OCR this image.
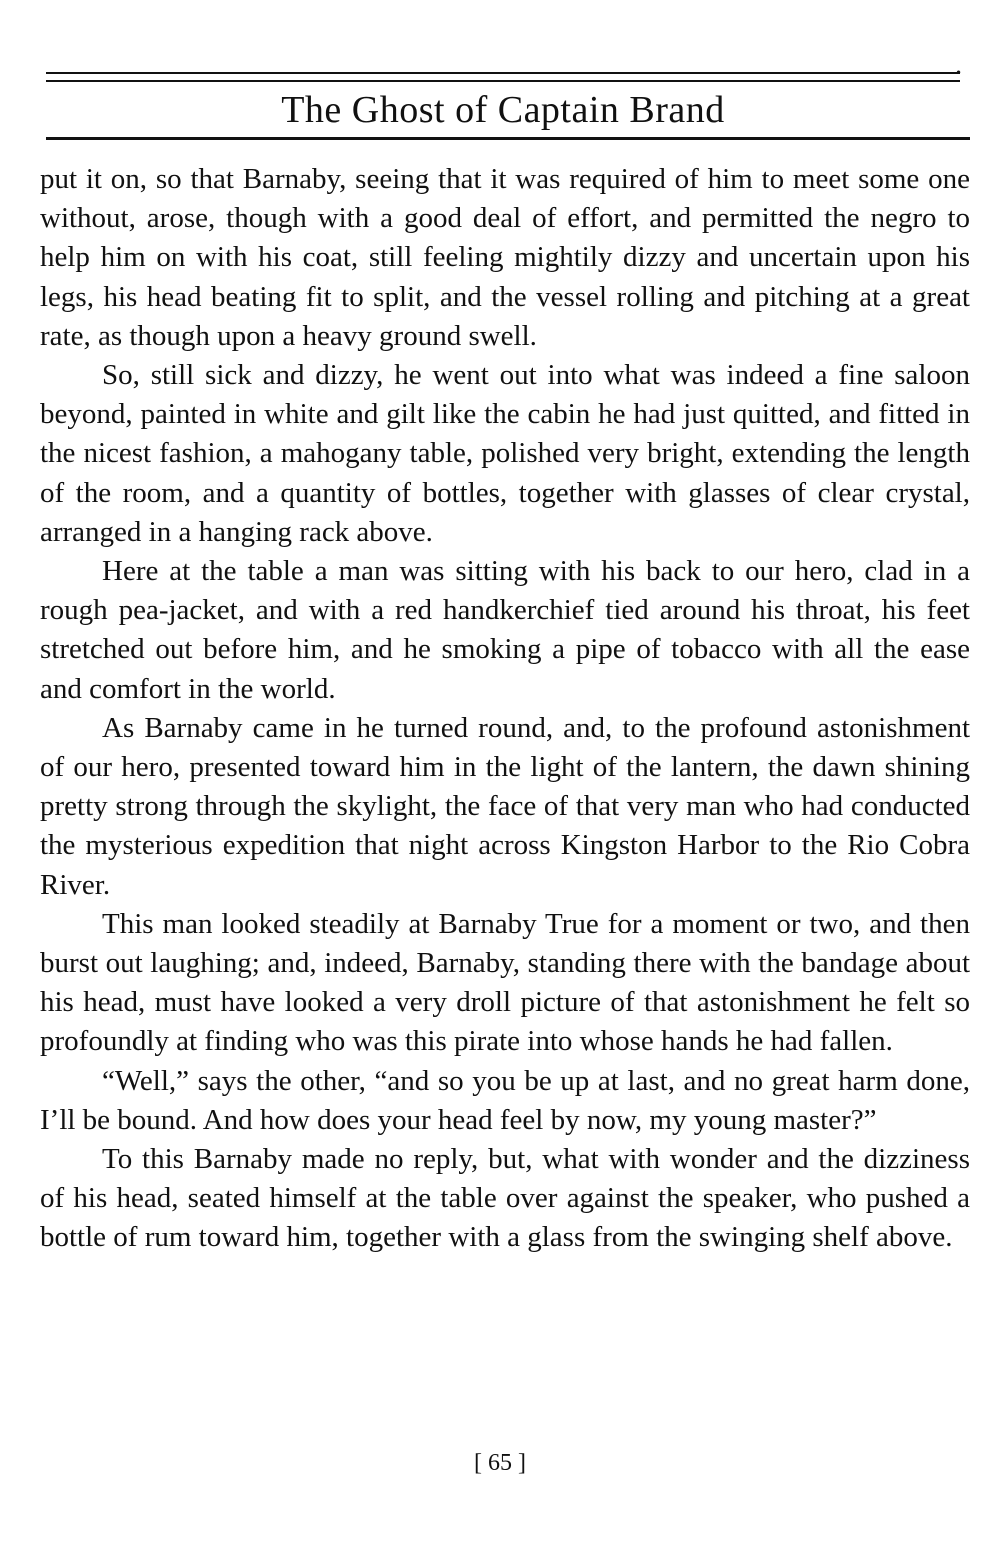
•
The Ghost of Captain Brand

put it on, so that Barnaby, seeing that it was required of him to meet some one without, arose, though with a good deal of effort, and permitted the negro to help him on with his coat, still feeling mightily dizzy and uncertain upon his legs, his head beating fit to split, and the vessel rolling and pitching at a great rate, as though upon a heavy ground swell.

So, still sick and dizzy, he went out into what was indeed a fine saloon beyond, painted in white and gilt like the cabin he had just quitted, and fitted in the nicest fashion, a mahogany table, polished very bright, extending the length of the room, and a quantity of bottles, together with glasses of clear crystal, arranged in a hanging rack above.

Here at the table a man was sitting with his back to our hero, clad in a rough pea-jacket, and with a red handkerchief tied around his throat, his feet stretched out before him, and he smoking a pipe of tobacco with all the ease and comfort in the world.

As Barnaby came in he turned round, and, to the profound astonishment of our hero, presented toward him in the light of the lantern, the dawn shining pretty strong through the skylight, the face of that very man who had conducted the mysterious expedition that night across Kingston Harbor to the Rio Cobra River.

This man looked steadily at Barnaby True for a moment or two, and then burst out laughing; and, indeed, Barnaby, standing there with the bandage about his head, must have looked a very droll picture of that astonishment he felt so profoundly at finding who was this pirate into whose hands he had fallen.

“Well,” says the other, “and so you be up at last, and no great harm done, I’ll be bound. And how does your head feel by now, my young master?”

To this Barnaby made no reply, but, what with wonder and the dizziness of his head, seated himself at the table over against the speaker, who pushed a bottle of rum toward him, together with a glass from the swinging shelf above.

[ 65 ]
